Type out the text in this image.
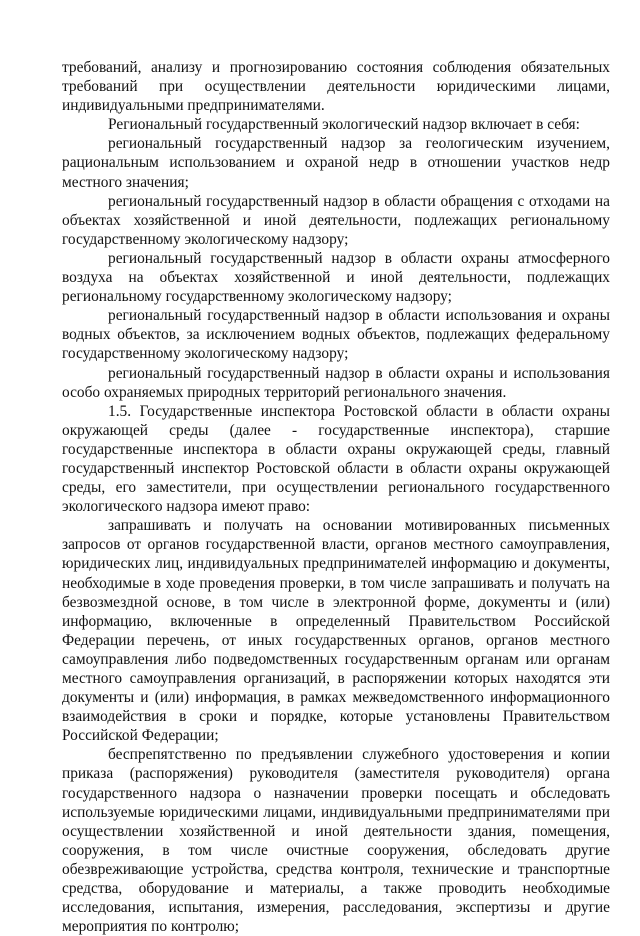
требований, анализу и прогнозированию состояния соблюдения обязательных требований при осуществлении деятельности юридическими лицами, индивидуальными предпринимателями.

Региональный государственный экологический надзор включает в себя:

региональный государственный надзор за геологическим изучением, рациональным использованием и охраной недр в отношении участков недр местного значения;

региональный государственный надзор в области обращения с отходами на объектах хозяйственной и иной деятельности, подлежащих региональному государственному экологическому надзору;

региональный государственный надзор в области охраны атмосферного воздуха на объектах хозяйственной и иной деятельности, подлежащих региональному государственному экологическому надзору;

региональный государственный надзор в области использования и охраны водных объектов, за исключением водных объектов, подлежащих федеральному государственному экологическому надзору;

региональный государственный надзор в области охраны и использования особо охраняемых природных территорий регионального значения.

1.5. Государственные инспектора Ростовской области в области охраны окружающей среды (далее - государственные инспектора), старшие государственные инспектора в области охраны окружающей среды, главный государственный инспектор Ростовской области в области охраны окружающей среды, его заместители, при осуществлении регионального государственного экологического надзора имеют право:

запрашивать и получать на основании мотивированных письменных запросов от органов государственной власти, органов местного самоуправления, юридических лиц, индивидуальных предпринимателей информацию и документы, необходимые в ходе проведения проверки, в том числе запрашивать и получать на безвозмездной основе, в том числе в электронной форме, документы и (или) информацию, включенные в определенный Правительством Российской Федерации перечень, от иных государственных органов, органов местного самоуправления либо подведомственных государственным органам или органам местного самоуправления организаций, в распоряжении которых находятся эти документы и (или) информация, в рамках межведомственного информационного взаимодействия в сроки и порядке, которые установлены Правительством Российской Федерации;

беспрепятственно по предъявлении служебного удостоверения и копии приказа (распоряжения) руководителя (заместителя руководителя) органа государственного надзора о назначении проверки посещать и обследовать используемые юридическими лицами, индивидуальными предпринимателями при осуществлении хозяйственной и иной деятельности здания, помещения, сооружения, в том числе очистные сооружения, обследовать другие обезвреживающие устройства, средства контроля, технические и транспортные средства, оборудование и материалы, а также проводить необходимые исследования, испытания, измерения, расследования, экспертизы и другие мероприятия по контролю;
